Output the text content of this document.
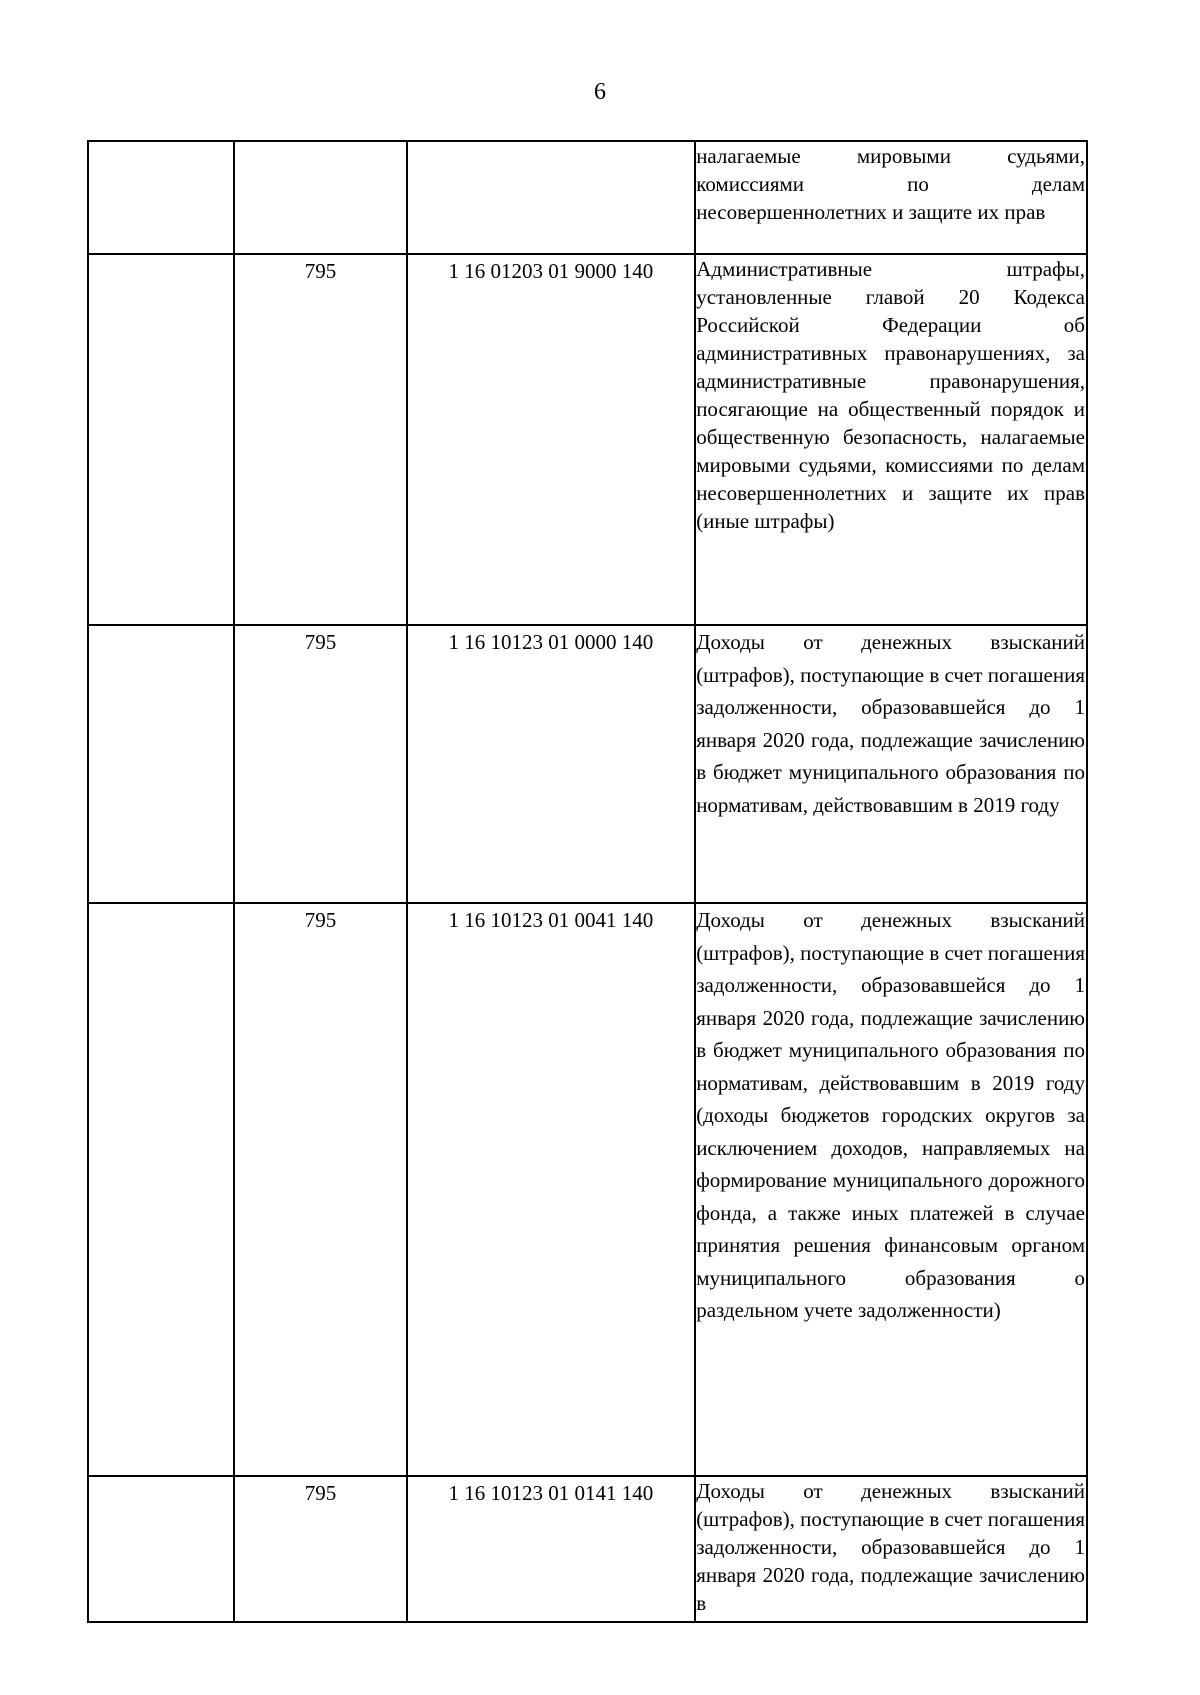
6

			налагаемые мировыми судьями, комиссиями по делам несовершеннолетних и защите их прав

	795	1 16 01203 01 9000 140	Административные штрафы, установленные главой 20 Кодекса Российской Федерации об административных правонарушениях, за административные правонарушения, посягающие на общественный порядок и общественную безопасность, налагаемые мировыми судьями, комиссиями по делам несовершеннолетних и защите их прав (иные штрафы)

	795	1 16 10123 01 0000 140	Доходы от денежных взысканий (штрафов), поступающие в счет погашения задолженности, образовавшейся до 1 января 2020 года, подлежащие зачислению в бюджет муниципального образования по нормативам, действовавшим в 2019 году

	795	1 16 10123 01 0041 140	Доходы от денежных взысканий (штрафов), поступающие в счет погашения задолженности, образовавшейся до 1 января 2020 года, подлежащие зачислению в бюджет муниципального образования по нормативам, действовавшим в 2019 году (доходы бюджетов городских округов за исключением доходов, направляемых на формирование муниципального дорожного фонда, а также иных платежей в случае принятия решения финансовым органом муниципального образования о раздельном учете задолженности)

	795	1 16 10123 01 0141 140	Доходы от денежных взысканий (штрафов), поступающие в счет погашения задолженности, образовавшейся до 1 января 2020 года, подлежащие зачислению в
